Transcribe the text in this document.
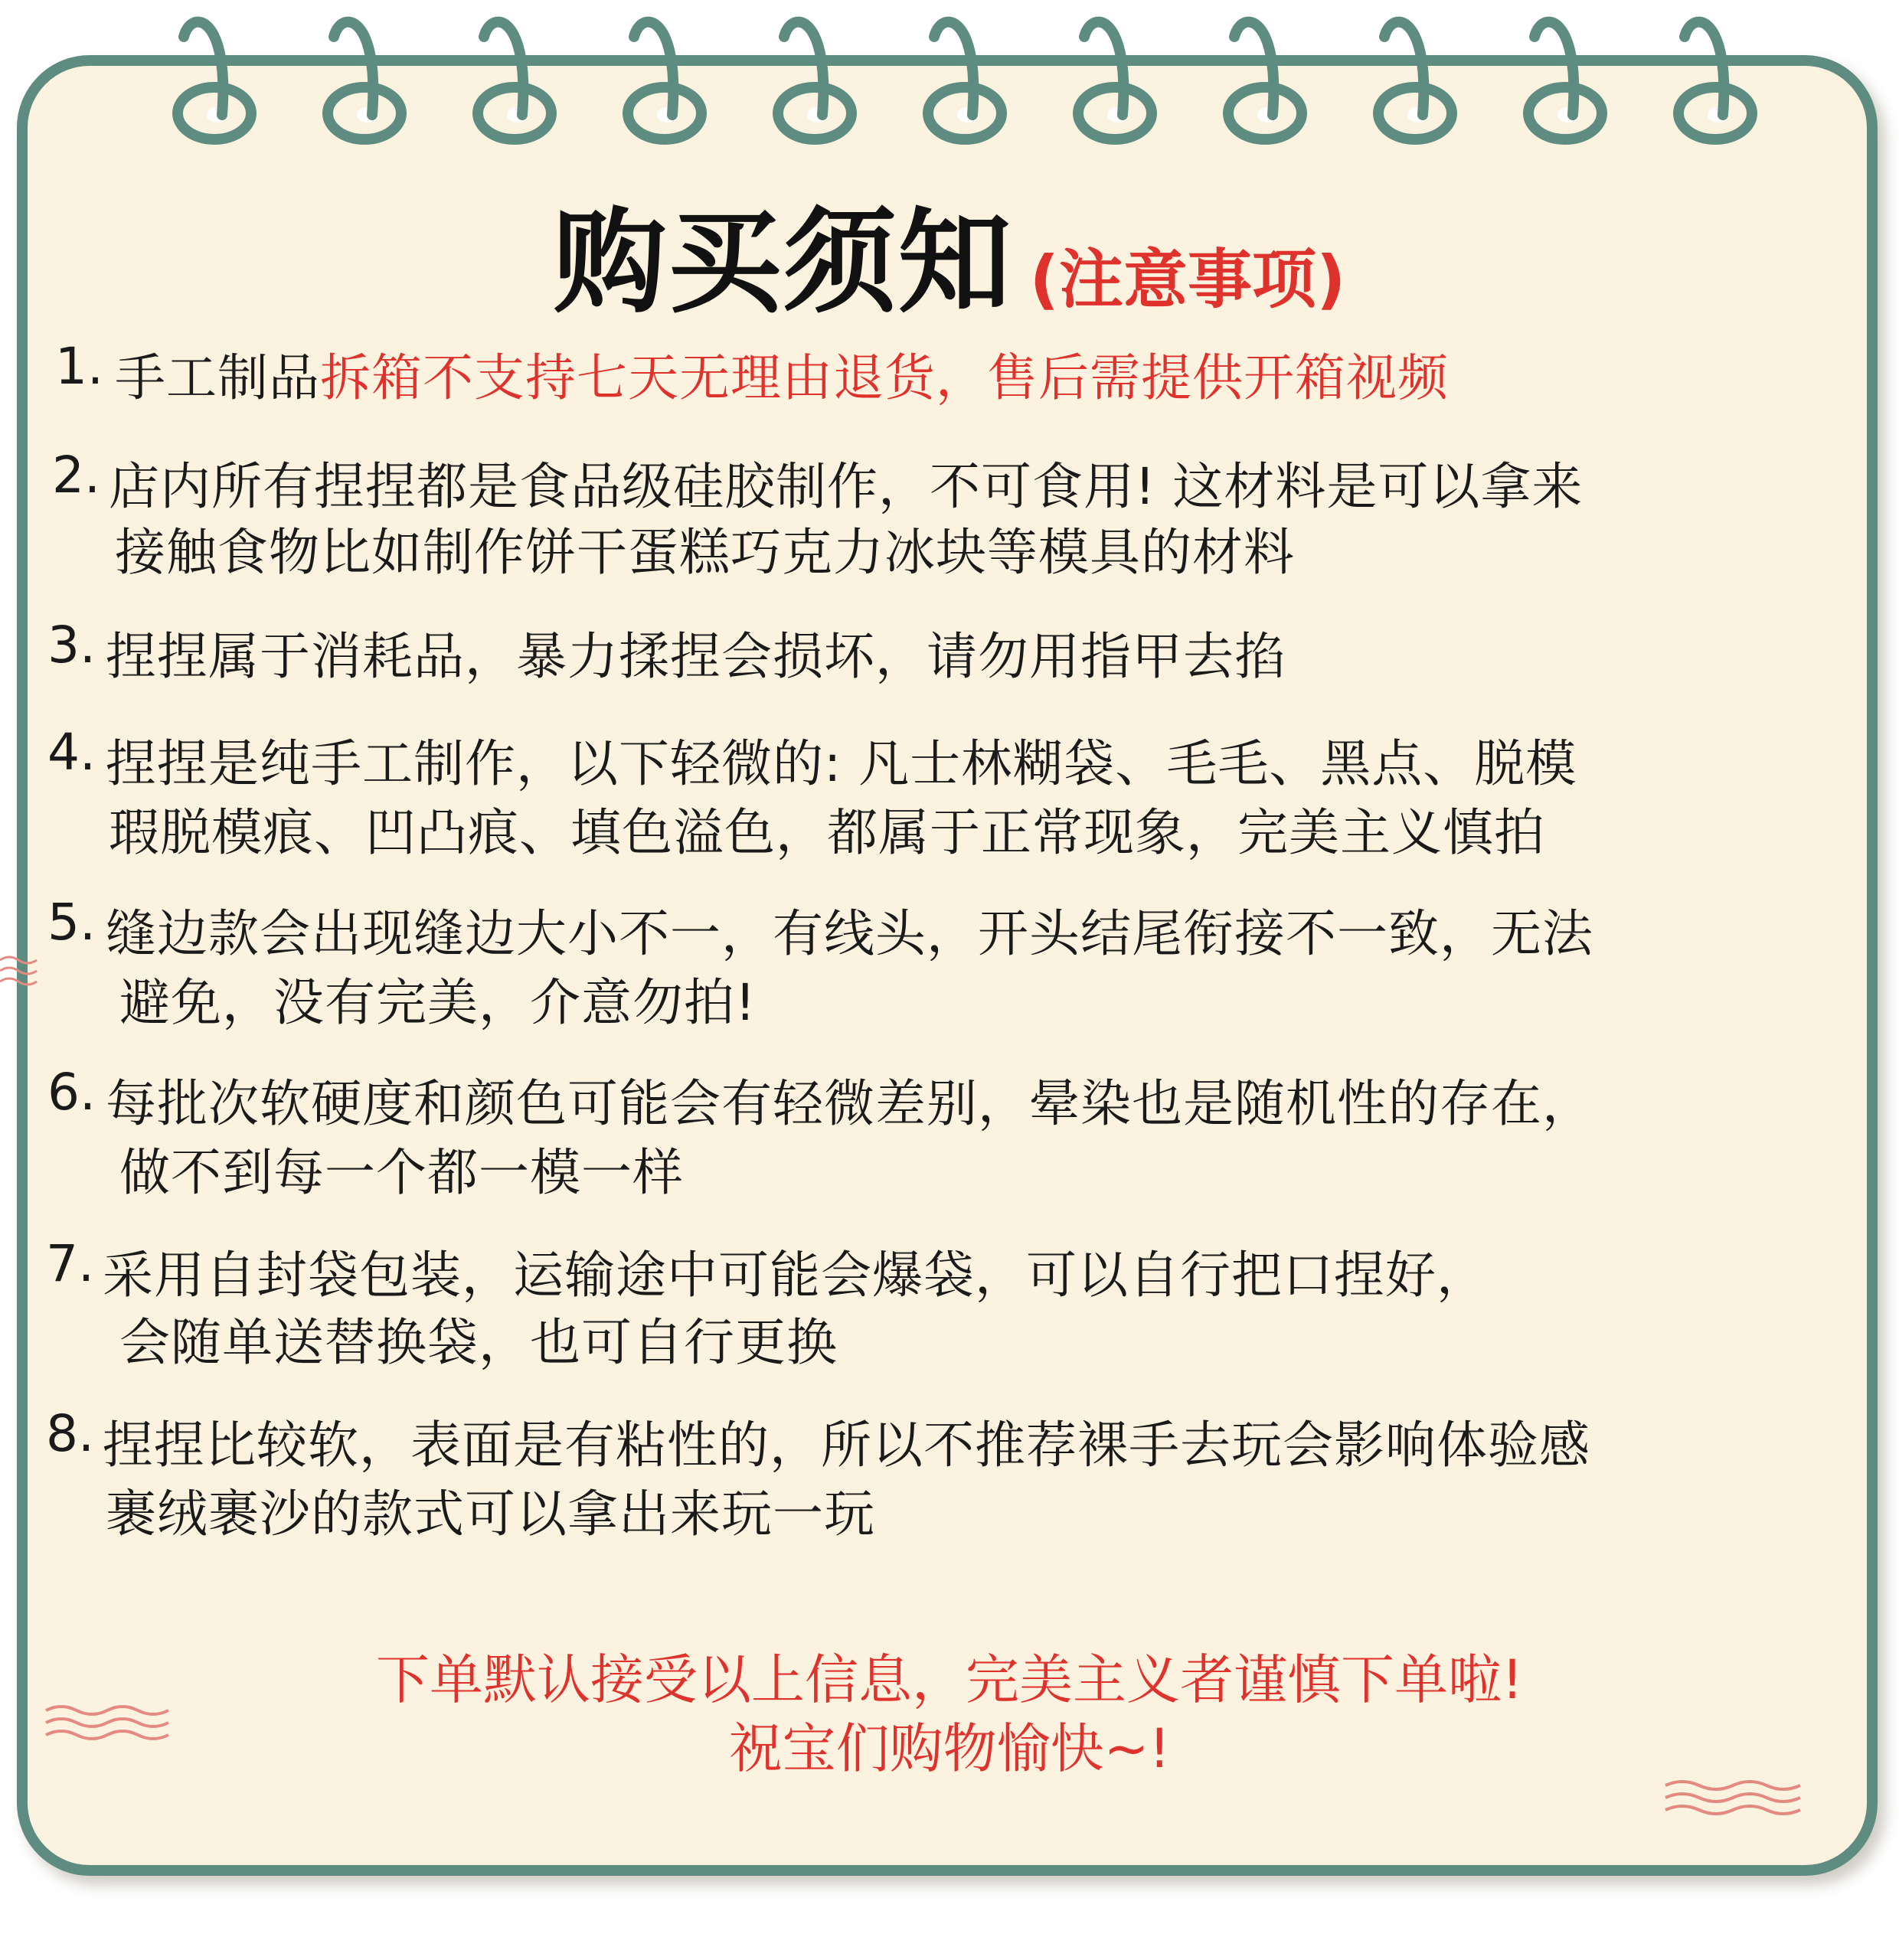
购买须知 (注意事项)
1. 手工制品拆箱不支持七天无理由退货，售后需提供开箱视频
2. 店内所有捏捏都是食品级硅胶制作，不可食用! 这材料是可以拿来
接触食物比如制作饼干蛋糕巧克力冰块等模具的材料
3. 捏捏属于消耗品，暴力揉捏会损坏，请勿用指甲去掐
4. 捏捏是纯手工制作，以下轻微的: 凡士林糊袋、毛毛、黑点、脱模
瑕脱模痕、凹凸痕、填色溢色，都属于正常现象，完美主义慎拍
5. 缝边款会出现缝边大小不一，有线头，开头结尾衔接不一致，无法
避免，没有完美，介意勿拍!
6. 每批次软硬度和颜色可能会有轻微差别，晕染也是随机性的存在，
做不到每一个都一模一样
7. 采用自封袋包装，运输途中可能会爆袋，可以自行把口捏好，
会随单送替换袋，也可自行更换
8. 捏捏比较软，表面是有粘性的，所以不推荐裸手去玩会影响体验感
裹绒裹沙的款式可以拿出来玩一玩
下单默认接受以上信息，完美主义者谨慎下单啦!
祝宝们购物愉快~!
